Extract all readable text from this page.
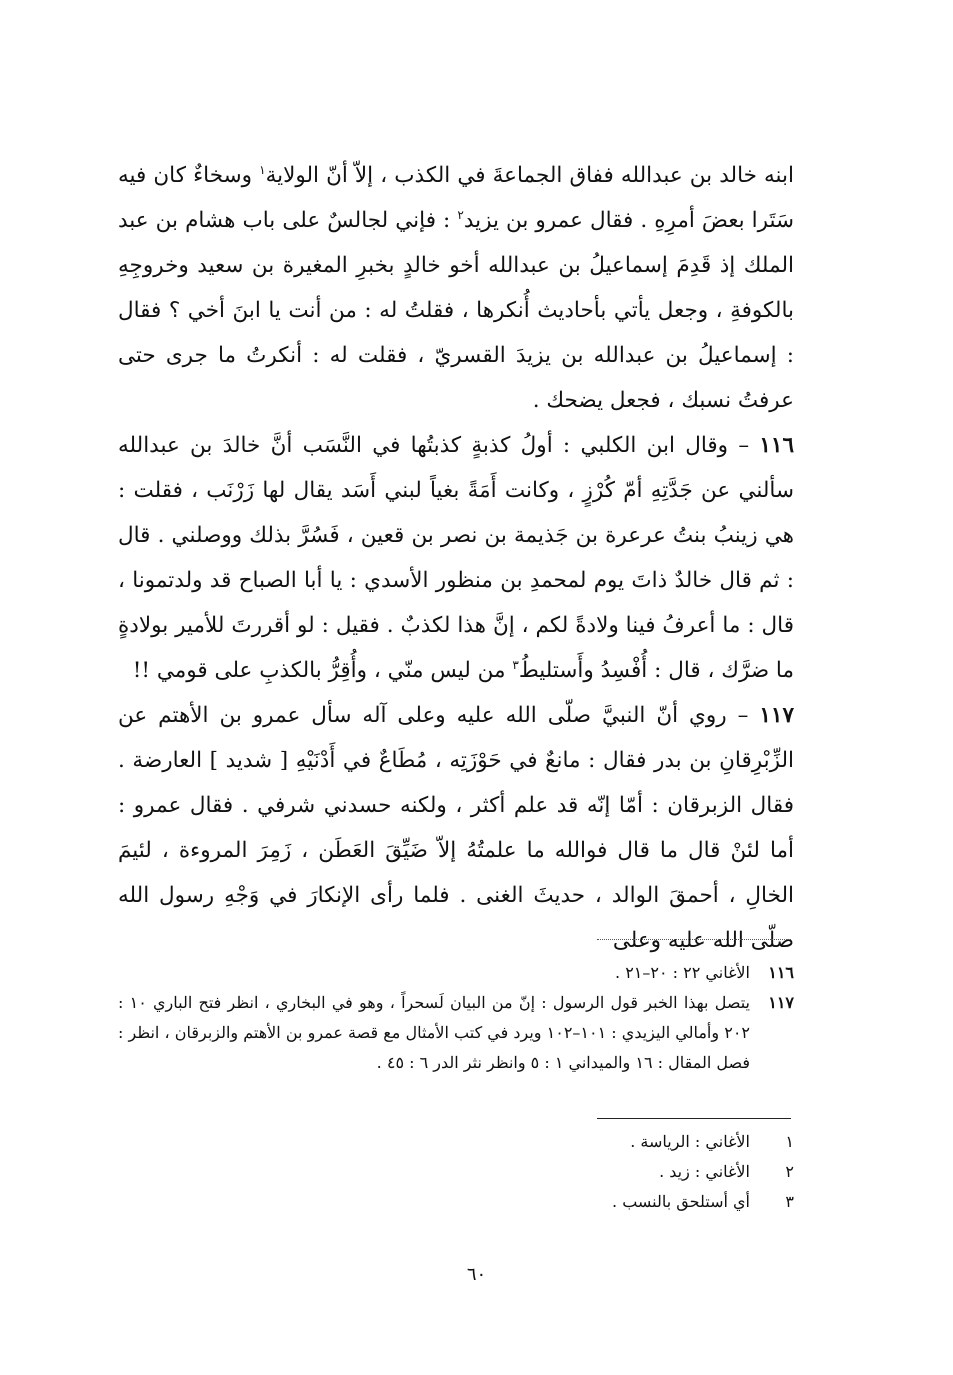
ابنه خالد بن عبدالله ففاق الجماعةَ في الكذب ، إلاّ أنّ الولاية$^١$ وسخاءٌ كان فيه سَتَرا بعضَ أمرِهِ . فقال عمرو بن يزيد$^٢$ : فإني لجالسٌ على باب هشام بن عبد الملك إذ قَدِمَ إسماعيلُ بن عبدالله أخو خالدٍ بخبرِ المغيرة بن سعيد وخروجِهِ بالكوفةِ ، وجعل يأتي بأحاديث أُنكرها ، فقلتُ له : من أنت يا ابنَ أخي ؟ فقال : إسماعيلُ بن عبدالله بن يزيدَ القسريّ ، فقلت له : أنكرتُ ما جرى حتى عرفتُ نسبك ، فجعل يضحك .

١١٦ – وقال ابن الكلبي : أولُ كذبةٍ كذبتُها في النَّسَب أنَّ خالدَ بن عبدالله سألني عن جَدَّتِهِ أمّ كُرْزٍ ، وكانت أَمَةً بغياً لبني أَسَد يقال لها زَرْنَب ، فقلت : هي زينبُ بنتُ عرعرة بن جَذيمة بن نصر بن قعين ، فَسُرَّ بذلك ووصلني . قال : ثم قال خالدٌ ذاتَ يوم لمحمدِ بن منظور الأسدي : يا أبا الصباح قد ولدتمونا ، قال : ما أعرفُ فينا ولادةً لكم ، إنَّ هذا لكذبٌ . فقيل : لو أقررتَ للأمير بولادةٍ ما ضرَّك ، قال : أُفْسِدُ وأَستليطُ$^٣$ من ليس منّي ، وأُقِرُّ بالكذبِ على قومي !!

١١٧ – روي أنّ النبيَّ صلّى الله عليه وعلى آله سأل عمرو بن الأهتم عن الزِّبْرِقانِ بن بدر فقال : مانعٌ في حَوْزَتِه ، مُطَاعٌ في أَدْنَيْهِ [ شديد ] العارضة . فقال الزبرقان : أمّا إنّه قد علم أكثر ، ولكنه حسدني شرفي . فقال عمرو : أما لئنْ قال ما قال فوالله ما علمتُهُ إلاّ ضَيِّقَ العَطَن ، زَمِرَ المروءة ، لئيمَ الخالِ ، أحمقَ الوالد ، حديثَ الغنى . فلما رأى الإنكارَ في وَجْهِ رسول الله صلّى الله عليه وعلى

١١٦
الأغاني ٢٢ : ٢٠–٢١ .
١١٧
يتصل بهذا الخبر قول الرسول : إنّ من البيان لَسحراً ، وهو في البخاري ، انظر فتح الباري ١٠ : ٢٠٢ وأمالي اليزيدي : ١٠١–١٠٢ ويرد في كتب الأمثال مع قصة عمرو بن الأهتم والزبرقان ، انظر : فصل المقال : ١٦ والميداني ١ : ٥ وانظر نثر الدر ٦ : ٤٥ .
١
الأغاني : الرياسة .
٢
الأغاني : زيد .
٣
أي أستلحق بالنسب .
٦٠
